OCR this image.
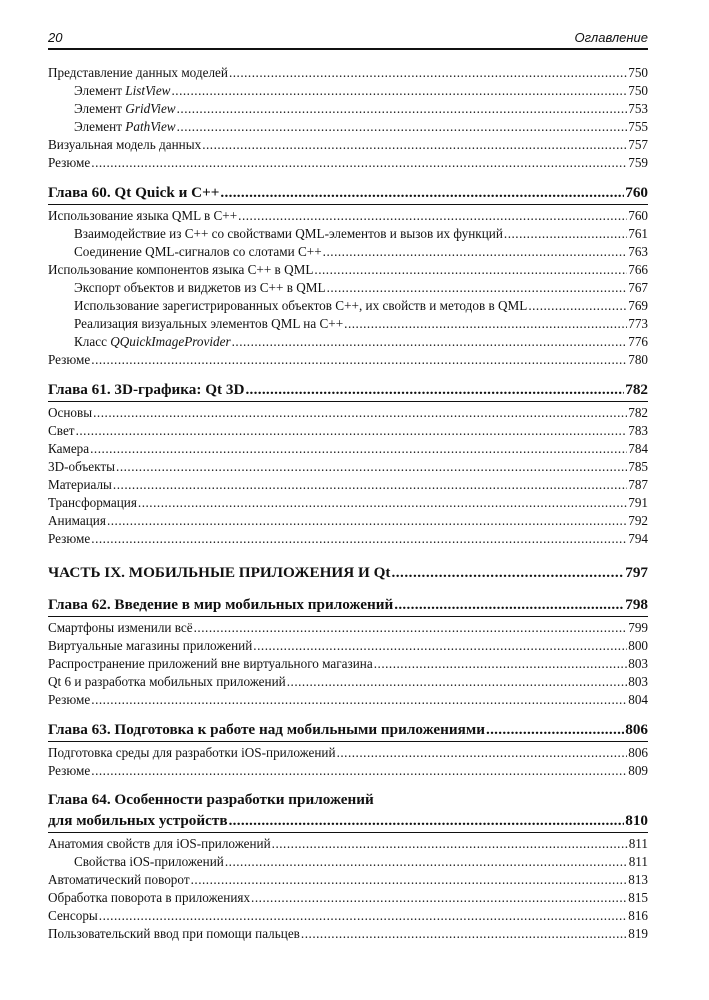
20	Оглавление
Представление данных моделей .....	750
Элемент ListView .....	750
Элемент GridView .....	753
Элемент PathView .....	755
Визуальная модель данных .....	757
Резюме .....	759
Глава 60. Qt Quick и C++ .....	760
Использование языка QML в C++ .....	760
Взаимодействие из C++ со свойствами QML-элементов и вызов их функций .....	761
Соединение QML-сигналов со слотами C++ .....	763
Использование компонентов языка C++ в QML .....	766
Экспорт объектов и виджетов из C++ в QML .....	767
Использование зарегистрированных объектов C++, их свойств и методов в QML .....	769
Реализация визуальных элементов QML на C++ .....	773
Класс QQuickImageProvider .....	776
Резюме .....	780
Глава 61. 3D-графика: Qt 3D .....	782
Основы .....	782
Свет .....	783
Камера .....	784
3D-объекты .....	785
Материалы .....	787
Трансформация .....	791
Анимация .....	792
Резюме .....	794
ЧАСТЬ IX. МОБИЛЬНЫЕ ПРИЛОЖЕНИЯ И Qt .....	797
Глава 62. Введение в мир мобильных приложений .....	798
Смартфоны изменили всё .....	799
Виртуальные магазины приложений .....	800
Распространение приложений вне виртуального магазина .....	803
Qt 6 и разработка мобильных приложений .....	803
Резюме .....	804
Глава 63. Подготовка к работе над мобильными приложениями .....	806
Подготовка среды для разработки iOS-приложений .....	806
Резюме .....	809
Глава 64. Особенности разработки приложений
для мобильных устройств .....	810
Анатомия свойств для iOS-приложений .....	811
Свойства iOS-приложений .....	811
Автоматический поворот .....	813
Обработка поворота в приложениях .....	815
Сенсоры .....	816
Пользовательский ввод при помощи пальцев .....	819
